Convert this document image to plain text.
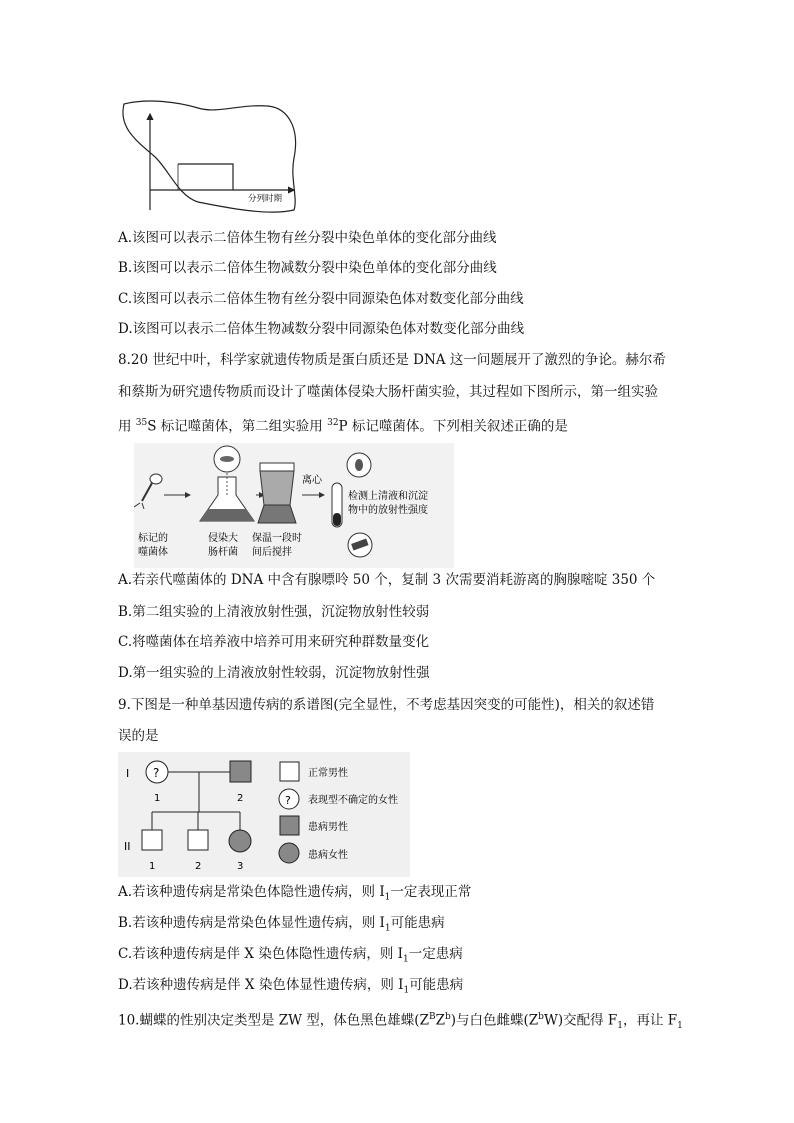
分列时期
A.该图可以表示二倍体生物有丝分裂中染色单体的变化部分曲线
B.该图可以表示二倍体生物减数分裂中染色单体的变化部分曲线
C.该图可以表示二倍体生物有丝分裂中同源染色体对数变化部分曲线
D.该图可以表示二倍体生物减数分裂中同源染色体对数变化部分曲线
8.20 世纪中叶，科学家就遗传物质是蛋白质还是 DNA 这一问题展开了激烈的争论。赫尔希
和蔡斯为研究遗传物质而设计了噬菌体侵染大肠杆菌实验，其过程如下图所示，第一组实验
用 $^{35}$S 标记噬菌体，第二组实验用 $^{32}$P 标记噬菌体。下列相关叙述正确的是
离心
检测上清液和沉淀
物中的放射性强度
标记的
噬菌体
侵染大
肠杆菌
保温一段时
间后搅拌
A.若亲代噬菌体的 DNA 中含有腺嘌呤 50 个，复制 3 次需要消耗游离的胸腺嘧啶 350 个
B.第二组实验的上清液放射性强，沉淀物放射性较弱
C.将噬菌体在培养液中培养可用来研究种群数量变化
D.第一组实验的上清液放射性较弱，沉淀物放射性强
9.下图是一种单基因遗传病的系谱图(完全显性，不考虑基因突变的可能性)，相关的叙述错
误的是
I
II
?
1	2
1	2	3
正常男性
? 表现型不确定的女性
患病男性
患病女性
A.若该种遗传病是常染色体隐性遗传病，则 $I_1$一定表现正常
B.若该种遗传病是常染色体显性遗传病，则 $I_1$可能患病
C.若该种遗传病是伴 X 染色体隐性遗传病，则 $I_1$一定患病
D.若该种遗传病是伴 X 染色体显性遗传病，则 $I_1$可能患病
10.蝴蝶的性别决定类型是 ZW 型，体色黑色雄蝶$(Z^BZ^b)$与白色雌蝶$(Z^bW)$交配得 $F_1$，再让 $F_1$
